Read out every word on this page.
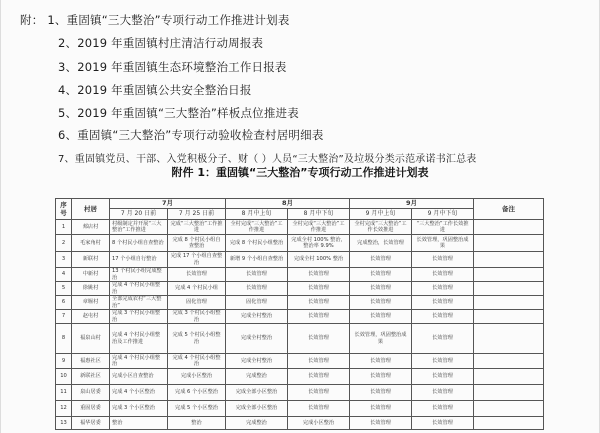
附： 1、重固镇“三大整治”专项行动工作推进计划表
2、2019 年重固镇村庄清洁行动周报表
3、2019 年重固镇生态环境整治工作日报表
4、2019 年重固镇公共安全整治日报
5、2019 年重固镇“三大整治”样板点位推进表
6、重固镇“三大整治”专项行动验收检查村居明细表
7、重固镇党员、干部、入党积极分子、财（ ）人员“三大整治”及垃圾分类示范承诺书汇总表
附件 1：重固镇“三大整治”专项行动工作推进计划表
序号	村居	7月		8月		9月		备注
		7 月 20 日前	7 月 25 日前	8 月中上旬	8 月中下旬	9 月中上旬	9 月中下旬	
1	郏店村	村级制定并开展“三大整治”工作推进	完成“三大整治”工作推进	全村完成“三大整治”工作推进	全村完成“三大整治”工作推进	全村完成“三大整治”工作长效推进	“三大整治”工作长效推进	
2	毛家角村	8 个村民小组自查整治	完成 8 个村民小组自查整治	完成 8 个村民小组整治	完成全村 100% 整治，整治率 9.9%	完成整治，长效管理	长效管理，巩固整治成果	
3	新联村	17 个小组自行整治	完成 17 个小组自查整治	新增 9 个小组自查整治	完成全村 100% 整治	长效管理	长效管理	
4	中新村	13 个村民小组完成整治	长效管理	长效管理	长效管理	长效管理	长效管理	
5	徐姚村	完成 4 个村民小组整治	完成 4 个村民小组	长效管理	长效管理	长效管理	长效管理	
6	章堰村	全部完成农村“三大整治”	固化管理	固化管理	长效管理	长效管理	长效管理	
7	赵屯村	完成 3 个村民小组整治	完成 3 个村民小组整治	完成全村整治	长效管理	长效管理	长效管理	
8	福泉山村	完成 4 个村民小组整治及工作推进	完成 5 个村民小组整治	完成全村整治	长效管理	长效管理，巩固整治成果	长效管理	
9	福惠社区	完成 4 个村民小组整治	完成 4 个村民小组整治	完成全村整治	长效管理	长效管理	长效管理	
10	新联社区	完成小区自查整治	完成小区整治	完成整治	长效管理	长效管理	长效管理	
11	泉山居委	完成 4 个小区整治	完成 6 个小区整治	完成全部小区整治	长效管理	长效管理	长效管理	
12	重固居委	完成 3 个小区整治	完成 5 个小区整治	完成全部小区整治	长效管理	长效管理	长效管理	
13	福华居委	整治	整治	完成整治	完成小区整治	长效管理	长效管理	
